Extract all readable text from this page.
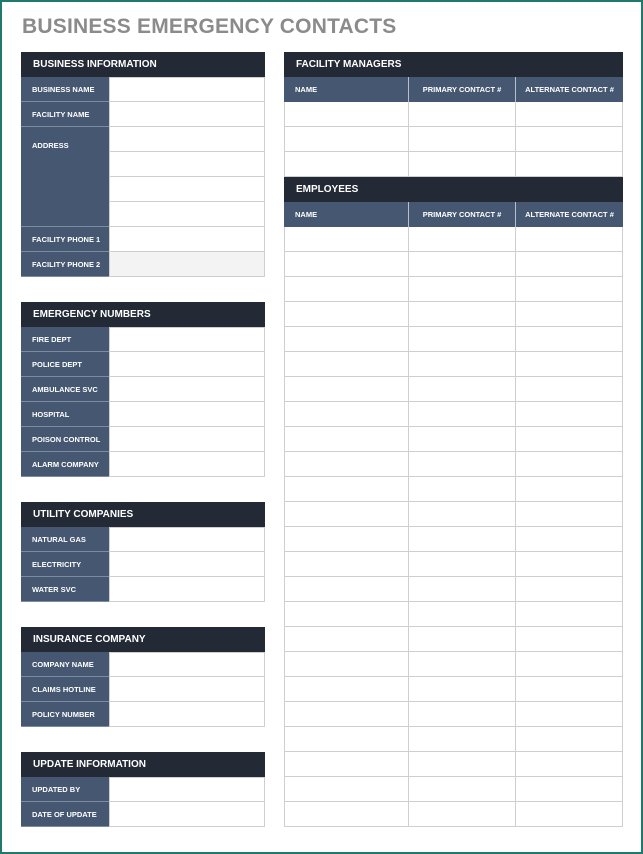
BUSINESS EMERGENCY CONTACTS
BUSINESS INFORMATION
BUSINESS NAME
FACILITY NAME
ADDRESS
FACILITY PHONE 1
FACILITY PHONE 2
EMERGENCY NUMBERS
FIRE DEPT
POLICE DEPT
AMBULANCE SVC
HOSPITAL
POISON CONTROL
ALARM COMPANY
UTILITY COMPANIES
NATURAL GAS
ELECTRICITY
WATER SVC
INSURANCE COMPANY
COMPANY NAME
CLAIMS HOTLINE
POLICY NUMBER
UPDATE INFORMATION
UPDATED BY
DATE OF UPDATE
FACILITY MANAGERS
NAME	PRIMARY CONTACT #	ALTERNATE CONTACT #
EMPLOYEES
NAME	PRIMARY CONTACT #	ALTERNATE CONTACT #
